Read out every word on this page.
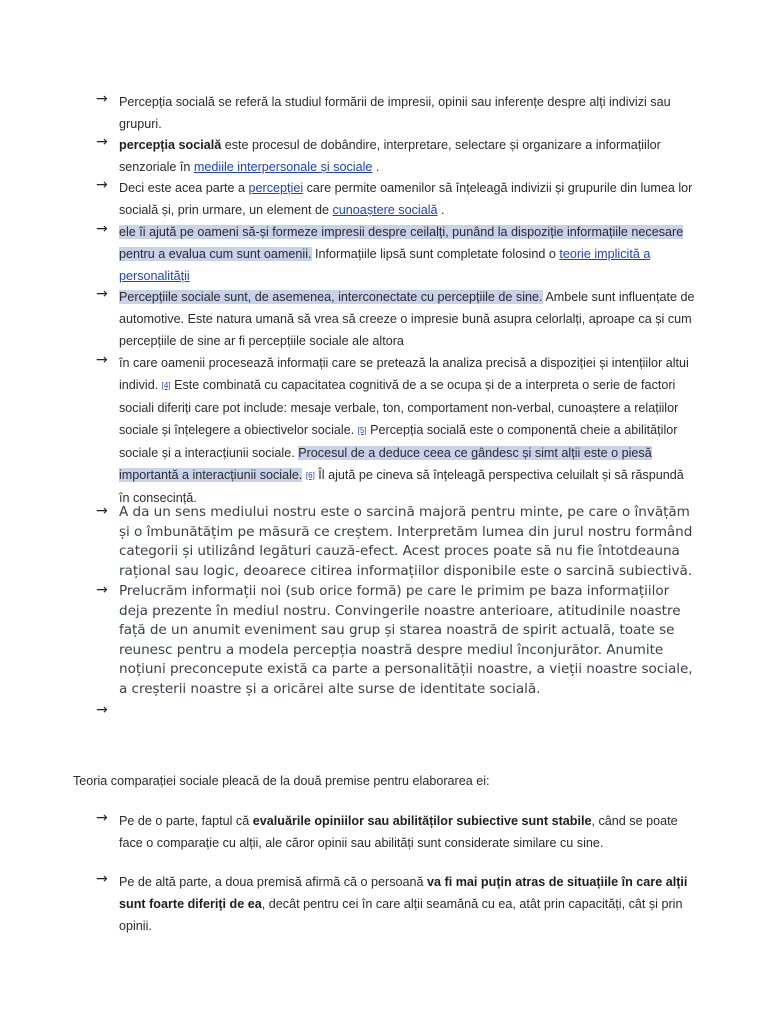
→ Percepția socială se referă la studiul formării de impresii, opinii sau inferențe despre alți indivizi sau grupuri.
→ percepția socială este procesul de dobândire, interpretare, selectare și organizare a informațiilor senzoriale în mediile interpersonale și sociale .
→ Deci este acea parte a percepției care permite oamenilor să înțeleagă indivizii și grupurile din lumea lor socială și, prin urmare, un element de cunoaștere socială .
→ ele îi ajută pe oameni să-și formeze impresii despre ceilalți, punând la dispoziție informațiile necesare pentru a evalua cum sunt oamenii. Informațiile lipsă sunt completate folosind o teorie implicită a personalității
→ Percepțiile sociale sunt, de asemenea, interconectate cu percepțiile de sine. Ambele sunt influențate de automotive. Este natura umană să vrea să creeze o impresie bună asupra celorlalți, aproape ca și cum percepțiile de sine ar fi percepțiile sociale ale altora
→ în care oamenii procesează informații care se pretează la analiza precisă a dispoziției și intențiilor altui individ. [4] Este combinată cu capacitatea cognitivă de a se ocupa și de a interpreta o serie de factori sociali diferiți care pot include: mesaje verbale, ton, comportament non-verbal, cunoaștere a relațiilor sociale și înțelegere a obiectivelor sociale. [5] Percepția socială este o componentă cheie a abilităților sociale și a interacțiunii sociale. Procesul de a deduce ceea ce gândesc și simt alții este o piesă importantă a interacțiunii sociale. [6] Îl ajută pe cineva să înțeleagă perspectiva celuilalt și să răspundă în consecință.
→ A da un sens mediului nostru este o sarcină majoră pentru minte, pe care o învățăm și o îmbunătățim pe măsură ce creștem. Interpretăm lumea din jurul nostru formând categorii și utilizând legături cauză-efect. Acest proces poate să nu fie întotdeauna rațional sau logic, deoarece citirea informațiilor disponibile este o sarcină subiectivă.
→ Prelucrăm informații noi (sub orice formă) pe care le primim pe baza informațiilor deja prezente în mediul nostru. Convingerile noastre anterioare, atitudinile noastre față de un anumit eveniment sau grup și starea noastră de spirit actuală, toate se reunesc pentru a modela percepția noastră despre mediul înconjurător. Anumite noțiuni preconcepute există ca parte a personalității noastre, a vieții noastre sociale, a creșterii noastre și a oricărei alte surse de identitate socială.
→
Teoria comparației sociale pleacă de la două premise pentru elaborarea ei:
→ Pe de o parte, faptul că evaluările opiniilor sau abilităților subiective sunt stabile, când se poate face o comparație cu alții, ale căror opinii sau abilități sunt considerate similare cu sine.
→ Pe de altă parte, a doua premisă afirmă că o persoană va fi mai puțin atras de situațiile în care alții sunt foarte diferiți de ea, decât pentru cei în care alții seamănă cu ea, atât prin capacități, cât și prin opinii.
